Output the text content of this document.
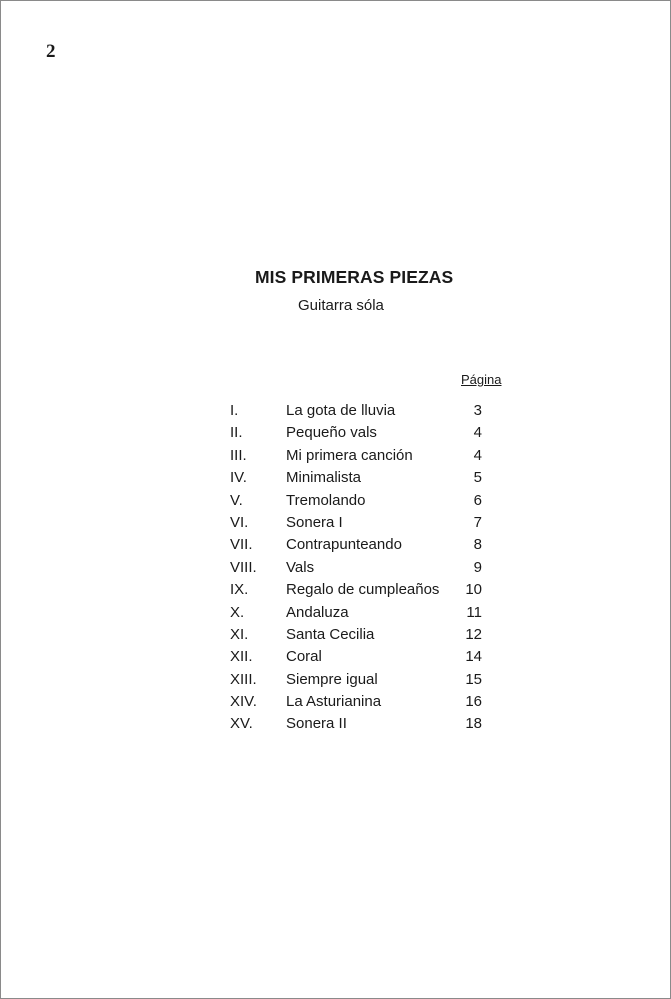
2
MIS PRIMERAS PIEZAS
Guitarra sóla
Página
I.	La gota de lluvia	3
II.	Pequeño vals	4
III.	Mi primera canción	4
IV.	Minimalista	5
V.	Tremolando	6
VI.	Sonera I	7
VII. Contrapunteando	8
VIII. Vals	9
IX.	Regalo de cumpleaños 10
X.	Andaluza	11
XI.	Santa Cecilia	12
XII. Coral	14
XIII. Siempre igual	15
XIV. La Asturianina	16
XV. Sonera II	18
